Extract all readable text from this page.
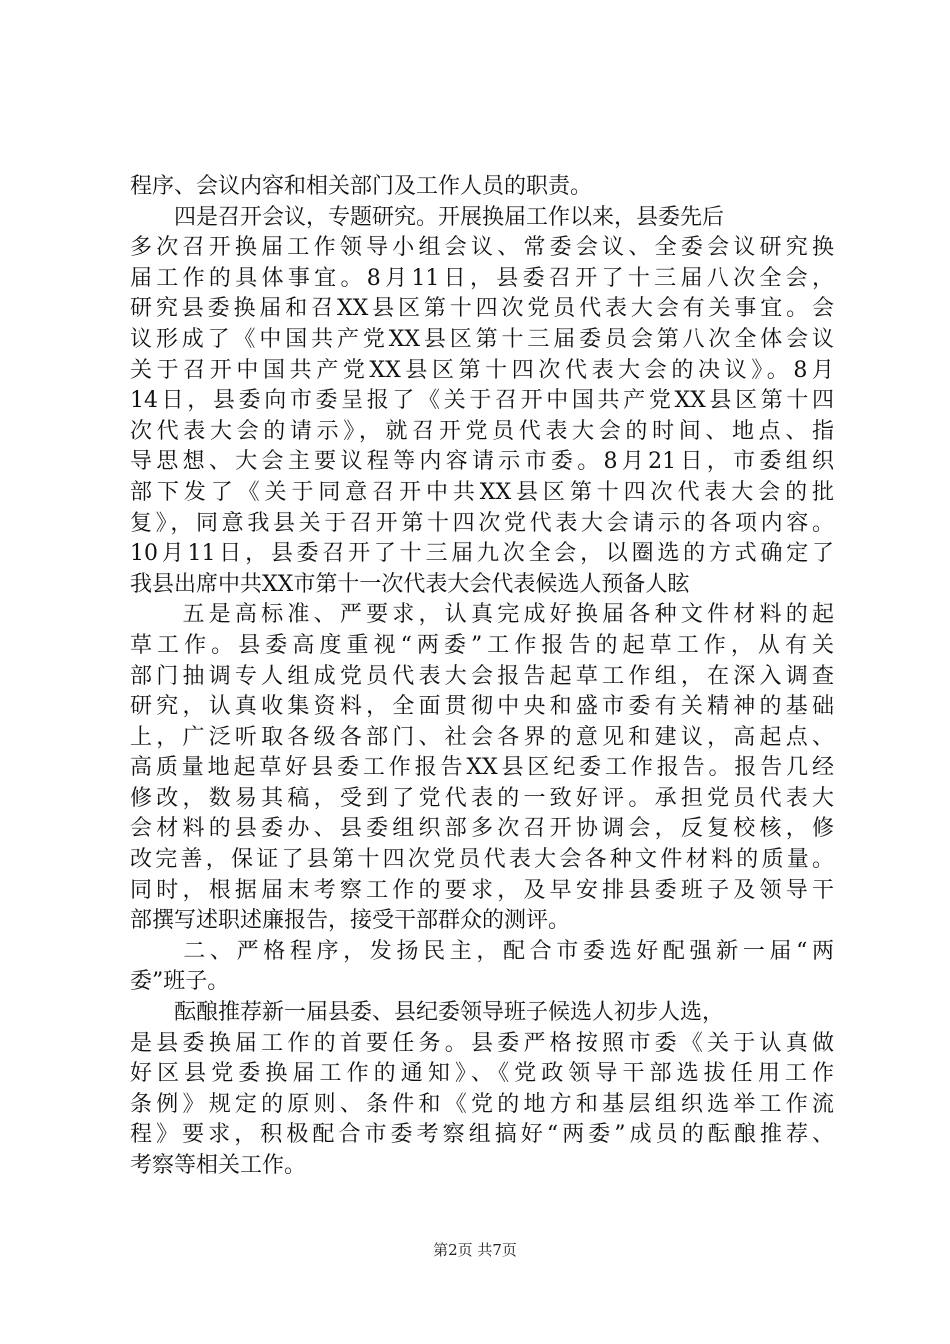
程序、会议内容和相关部门及工作人员的职责。
　　四是召开会议，专题研究。开展换届工作以来，县委先后
多次召开换届工作领导小组会议、常委会议、全委会议研究换
届工作的具体事宜。8月11日，县委召开了十三届八次全会，
研究县委换届和召XX县区第十四次党员代表大会有关事宜。会
议形成了《中国共产党XX县区第十三届委员会第八次全体会议
关于召开中国共产党XX县区第十四次代表大会的决议》。8月
14日，县委向市委呈报了《关于召开中国共产党XX县区第十四
次代表大会的请示》，就召开党员代表大会的时间、地点、指
导思想、大会主要议程等内容请示市委。8月21日，市委组织
部下发了《关于同意召开中共XX县区第十四次代表大会的批
复》，同意我县关于召开第十四次党代表大会请示的各项内容。
10月11日，县委召开了十三届九次全会，以圈选的方式确定了
我县出席中共XX市第十一次代表大会代表候选人预备人眩
　　五是高标准、严要求，认真完成好换届各种文件材料的起
草工作。县委高度重视“两委”工作报告的起草工作，从有关
部门抽调专人组成党员代表大会报告起草工作组，在深入调查
研究，认真收集资料，全面贯彻中央和盛市委有关精神的基础
上，广泛听取各级各部门、社会各界的意见和建议，高起点、
高质量地起草好县委工作报告XX县区纪委工作报告。报告几经
修改，数易其稿，受到了党代表的一致好评。承担党员代表大
会材料的县委办、县委组织部多次召开协调会，反复校核，修
改完善，保证了县第十四次党员代表大会各种文件材料的质量。
同时，根据届末考察工作的要求，及早安排县委班子及领导干
部撰写述职述廉报告，接受干部群众的测评。
　　二、严格程序，发扬民主，配合市委选好配强新一届“两
委”班子。
　　酝酿推荐新一届县委、县纪委领导班子候选人初步人选，
是县委换届工作的首要任务。县委严格按照市委《关于认真做
好区县党委换届工作的通知》、《党政领导干部选拔任用工作
条例》规定的原则、条件和《党的地方和基层组织选举工作流
程》要求，积极配合市委考察组搞好“两委”成员的酝酿推荐、
考察等相关工作。
第2页 共7页
